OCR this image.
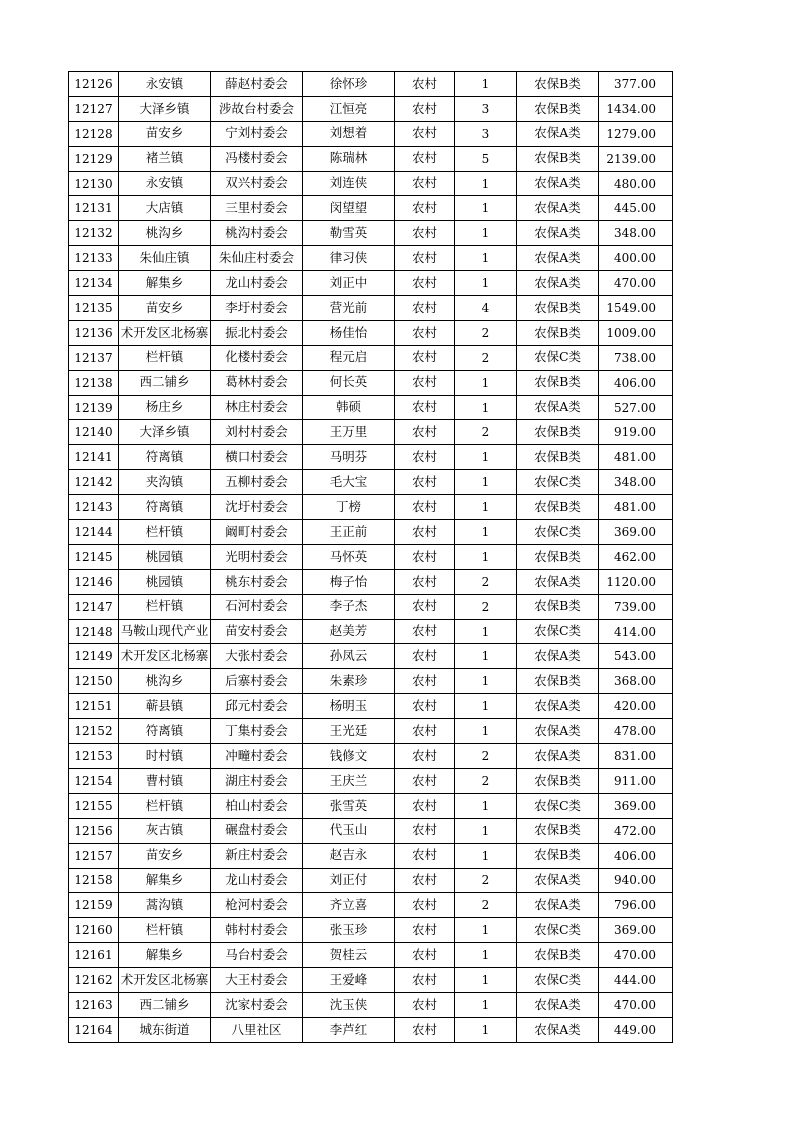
12126	永安镇	薛赵村委会	徐怀珍	农村	1	农保B类	377.00
12127	大泽乡镇	涉故台村委会	江恒亮	农村	3	农保B类	1434.00
12128	苗安乡	宁刘村委会	刘想着	农村	3	农保A类	1279.00
12129	褚兰镇	冯楼村委会	陈瑞林	农村	5	农保B类	2139.00
12130	永安镇	双兴村委会	刘连侠	农村	1	农保A类	480.00
12131	大店镇	三里村委会	闵望望	农村	1	农保A类	445.00
12132	桃沟乡	桃沟村委会	勒雪英	农村	1	农保A类	348.00
12133	朱仙庄镇	朱仙庄村委会	律习侠	农村	1	农保A类	400.00
12134	解集乡	龙山村委会	刘正中	农村	1	农保A类	470.00
12135	苗安乡	李圩村委会	营光前	农村	4	农保B类	1549.00
12136	术开发区北杨寨	振北村委会	杨佳怡	农村	2	农保B类	1009.00
12137	栏杆镇	化楼村委会	程元启	农村	2	农保C类	738.00
12138	西二铺乡	葛林村委会	何长英	农村	1	农保B类	406.00
12139	杨庄乡	林庄村委会	韩硕	农村	1	农保A类	527.00
12140	大泽乡镇	刘村村委会	王万里	农村	2	农保B类	919.00
12141	符离镇	横口村委会	马明芬	农村	1	农保B类	481.00
12142	夹沟镇	五柳村委会	毛大宝	农村	1	农保C类	348.00
12143	符离镇	沈圩村委会	丁榜	农村	1	农保B类	481.00
12144	栏杆镇	阚町村委会	王正前	农村	1	农保C类	369.00
12145	桃园镇	光明村委会	马怀英	农村	1	农保B类	462.00
12146	桃园镇	桃东村委会	梅子怡	农村	2	农保A类	1120.00
12147	栏杆镇	石河村委会	李子杰	农村	2	农保B类	739.00
12148	马鞍山现代产业	苗安村委会	赵美芳	农村	1	农保C类	414.00
12149	术开发区北杨寨	大张村委会	孙凤云	农村	1	农保A类	543.00
12150	桃沟乡	后寨村委会	朱素珍	农村	1	农保B类	368.00
12151	蕲县镇	邱元村委会	杨明玉	农村	1	农保A类	420.00
12152	符离镇	丁集村委会	王光廷	农村	1	农保A类	478.00
12153	时村镇	冲疃村委会	钱修文	农村	2	农保A类	831.00
12154	曹村镇	湖庄村委会	王庆兰	农村	2	农保B类	911.00
12155	栏杆镇	柏山村委会	张雪英	农村	1	农保C类	369.00
12156	灰古镇	碾盘村委会	代玉山	农村	1	农保B类	472.00
12157	苗安乡	新庄村委会	赵吉永	农村	1	农保B类	406.00
12158	解集乡	龙山村委会	刘正付	农村	2	农保A类	940.00
12159	蒿沟镇	枪河村委会	齐立喜	农村	2	农保A类	796.00
12160	栏杆镇	韩村村委会	张玉珍	农村	1	农保C类	369.00
12161	解集乡	马台村委会	贺桂云	农村	1	农保B类	470.00
12162	术开发区北杨寨	大王村委会	王爱峰	农村	1	农保C类	444.00
12163	西二铺乡	沈家村委会	沈玉侠	农村	1	农保A类	470.00
12164	城东街道	八里社区	李芦红	农村	1	农保A类	449.00
